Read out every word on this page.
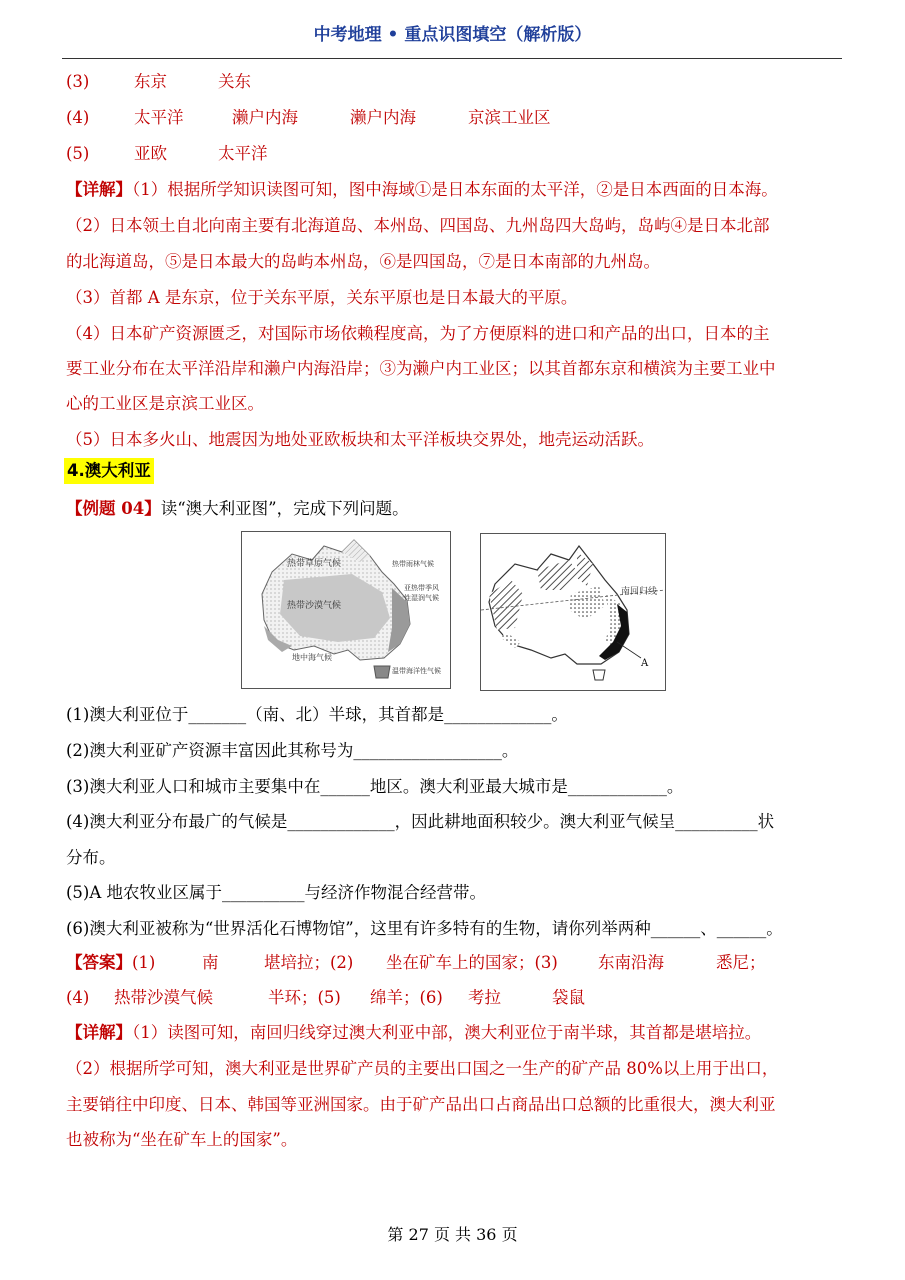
中考地理 • 重点识图填空（解析版）
(3)	东京	关东
(4)	太平洋	濑户内海	濑户内海	京滨工业区
(5)	亚欧	太平洋
【详解】（1）根据所学知识读图可知，图中海域①是日本东面的太平洋，②是日本西面的日本海。
（2）日本领土自北向南主要有北海道岛、本州岛、四国岛、九州岛四大岛屿，岛屿④是日本北部
的北海道岛，⑤是日本最大的岛屿本州岛，⑥是四国岛，⑦是日本南部的九州岛。
（3）首都 A 是东京，位于关东平原，关东平原也是日本最大的平原。
（4）日本矿产资源匮乏，对国际市场依赖程度高，为了方便原料的进口和产品的出口，日本的主
要工业分布在太平洋沿岸和濑户内海沿岸；③为濑户内工业区；以其首都东京和横滨为主要工业中
心的工业区是京滨工业区。
（5）日本多火山、地震因为地处亚欧板块和太平洋板块交界处，地壳运动活跃。
4.澳大利亚
【例题 04】读“澳大利亚图”，完成下列问题。
热带草原气候
热带沙漠气候
地中海气候
热带雨林气候
亚热带季风
性湿润气候
温带海洋性气候
南回归线
A
(1)澳大利亚位于_______（南、北）半球，其首都是_____________。
(2)澳大利亚矿产资源丰富因此其称号为__________________。
(3)澳大利亚人口和城市主要集中在______地区。澳大利亚最大城市是____________。
(4)澳大利亚分布最广的气候是_____________，因此耕地面积较少。澳大利亚气候呈__________状
分布。
(5)A 地农牧业区属于__________与经济作物混合经营带。
(6)澳大利亚被称为“世界活化石博物馆”，这里有许多特有的生物，请你列举两种______、______。
【答案】(1)	南	堪培拉；(2) 坐在矿车上的国家；(3) 东南沿海	悉尼；
(4) 热带沙漠气候	半环；(5) 绵羊；(6) 考拉	袋鼠
【详解】（1）读图可知，南回归线穿过澳大利亚中部，澳大利亚位于南半球，其首都是堪培拉。
（2）根据所学可知，澳大利亚是世界矿产员的主要出口国之一生产的矿产品 80%以上用于出口，
主要销往中印度、日本、韩国等亚洲国家。由于矿产品出口占商品出口总额的比重很大，澳大利亚
也被称为“坐在矿车上的国家”。
第 27 页 共 36 页
